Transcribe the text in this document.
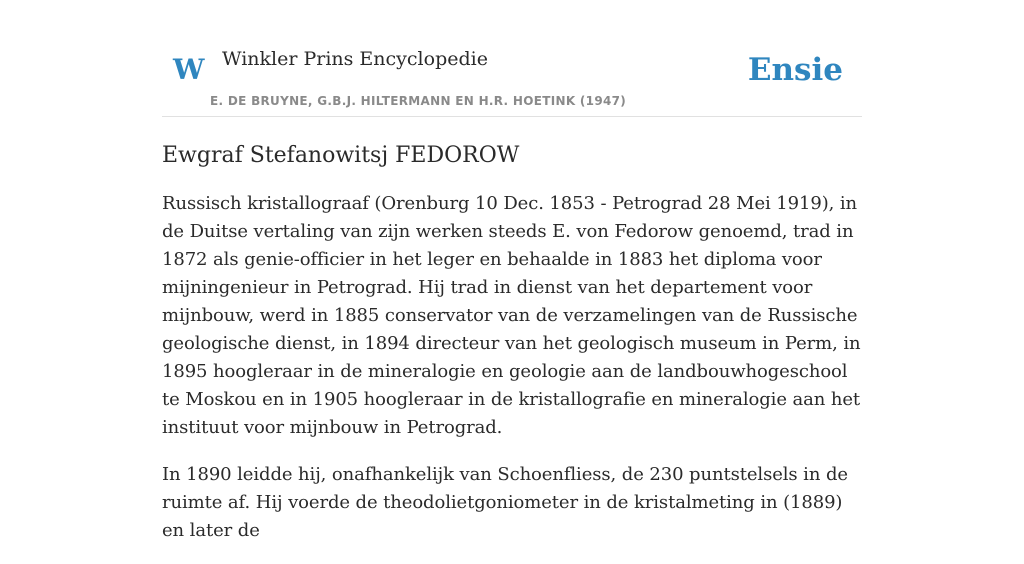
W Winkler Prins Encyclopedie
E. DE BRUYNE, G.B.J. HILTERMANN EN H.R. HOETINK (1947)
Ensie
Ewgraf Stefanowitsj FEDOROW

Russisch kristallograaf (Orenburg 10 Dec. 1853 - Petrograd 28 Mei 1919), in de Duitse vertaling van zijn werken steeds E. von Fedorow genoemd, trad in 1872 als genie-officier in het leger en behaalde in 1883 het diploma voor mijningenieur in Petrograd. Hij trad in dienst van het departement voor mijnbouw, werd in 1885 conservator van de verzamelingen van de Russische geologische dienst, in 1894 directeur van het geologisch museum in Perm, in 1895 hoogleraar in de mineralogie en geologie aan de landbouwhogeschool te Moskou en in 1905 hoogleraar in de kristallografie en mineralogie aan het instituut voor mijnbouw in Petrograd.

In 1890 leidde hij, onafhankelijk van Schoenfliess, de 230 puntstelsels in de ruimte af. Hij voerde de theodolietgoniometer in de kristalmeting in (1889) en later de
